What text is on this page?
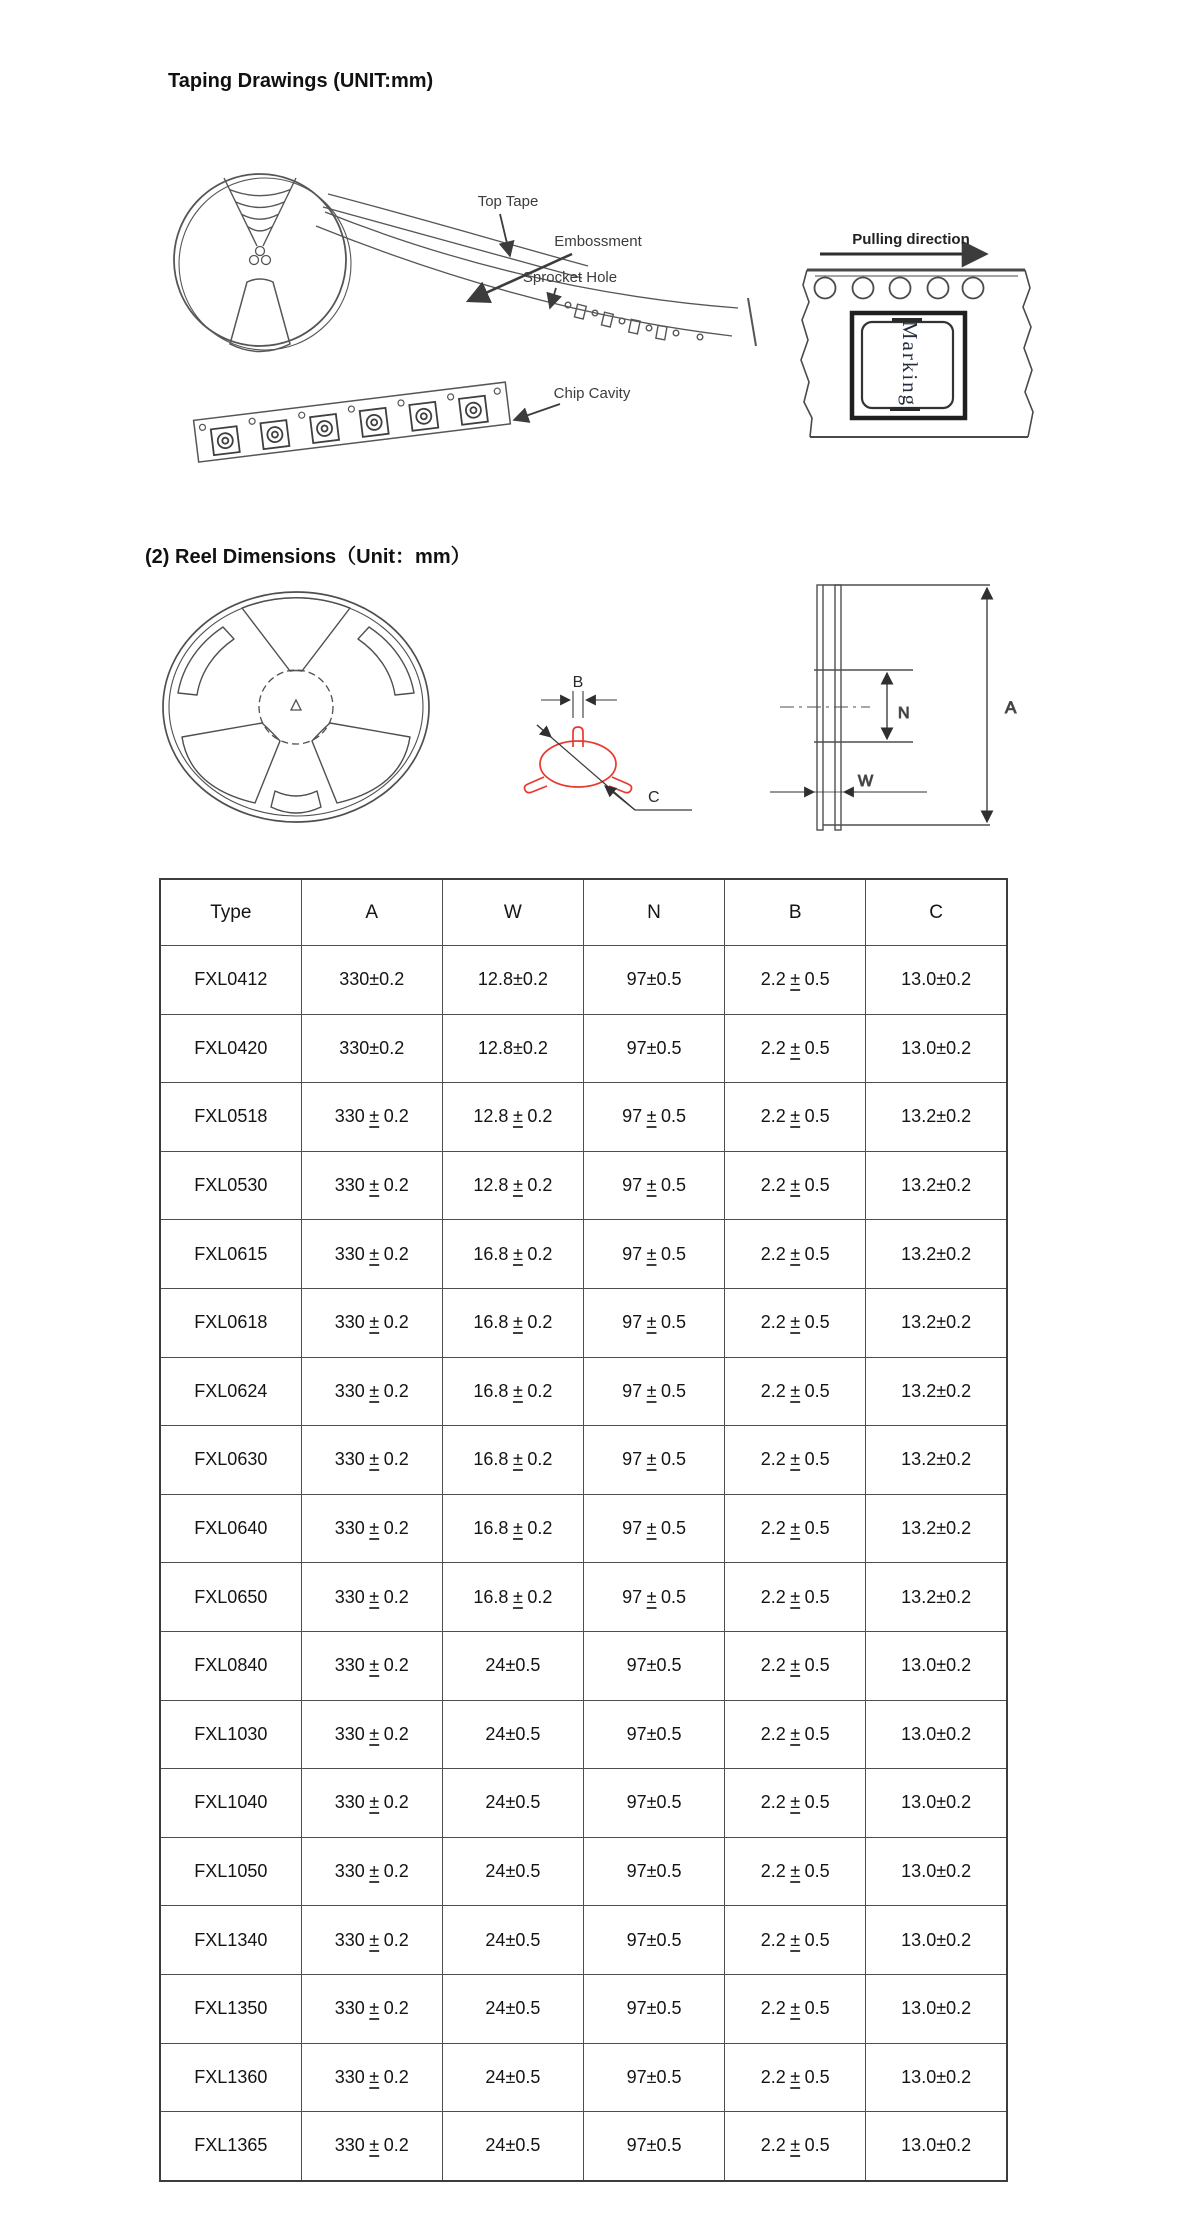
Taping Drawings (UNIT:mm)
Top Tape
Embossment
Sprocket Hole
Chip Cavity
Pulling direction
Marking
(2) Reel Dimensions（Unit：mm）
B
C
A
N
W
Type	A	W	N	B	C
FXL0412	330±0.2	12.8±0.2	97±0.5	2.2 ± 0.5	13.0±0.2
FXL0420	330±0.2	12.8±0.2	97±0.5	2.2 ± 0.5	13.0±0.2
FXL0518	330 ± 0.2	12.8 ± 0.2	97 ± 0.5	2.2 ± 0.5	13.2±0.2
FXL0530	330 ± 0.2	12.8 ± 0.2	97 ± 0.5	2.2 ± 0.5	13.2±0.2
FXL0615	330 ± 0.2	16.8 ± 0.2	97 ± 0.5	2.2 ± 0.5	13.2±0.2
FXL0618	330 ± 0.2	16.8 ± 0.2	97 ± 0.5	2.2 ± 0.5	13.2±0.2
FXL0624	330 ± 0.2	16.8 ± 0.2	97 ± 0.5	2.2 ± 0.5	13.2±0.2
FXL0630	330 ± 0.2	16.8 ± 0.2	97 ± 0.5	2.2 ± 0.5	13.2±0.2
FXL0640	330 ± 0.2	16.8 ± 0.2	97 ± 0.5	2.2 ± 0.5	13.2±0.2
FXL0650	330 ± 0.2	16.8 ± 0.2	97 ± 0.5	2.2 ± 0.5	13.2±0.2
FXL0840	330 ± 0.2	24±0.5	97±0.5	2.2 ± 0.5	13.0±0.2
FXL1030	330 ± 0.2	24±0.5	97±0.5	2.2 ± 0.5	13.0±0.2
FXL1040	330 ± 0.2	24±0.5	97±0.5	2.2 ± 0.5	13.0±0.2
FXL1050	330 ± 0.2	24±0.5	97±0.5	2.2 ± 0.5	13.0±0.2
FXL1340	330 ± 0.2	24±0.5	97±0.5	2.2 ± 0.5	13.0±0.2
FXL1350	330 ± 0.2	24±0.5	97±0.5	2.2 ± 0.5	13.0±0.2
FXL1360	330 ± 0.2	24±0.5	97±0.5	2.2 ± 0.5	13.0±0.2
FXL1365	330 ± 0.2	24±0.5	97±0.5	2.2 ± 0.5	13.0±0.2
